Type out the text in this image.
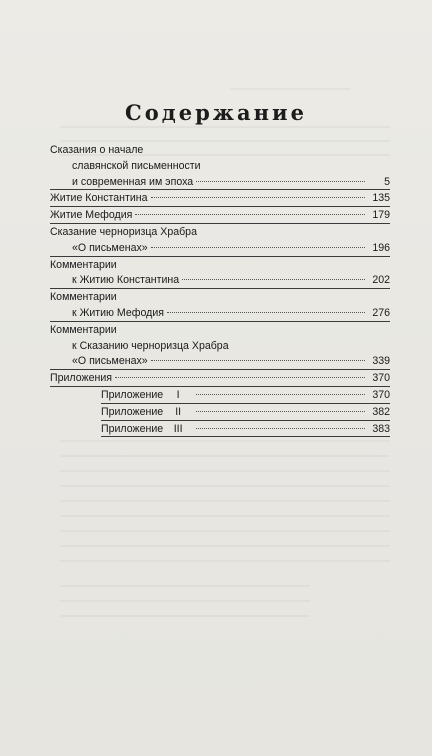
Содержание
Сказания о начале
славянской письменности
и современная им эпоха	5
Житие Константина	135
Житие Мефодия	179
Сказание черноризца Храбра
«О письменах»	196
Комментарии
к Житию Константина	202
Комментарии
к Житию Мефодия	276
Комментарии
к Сказанию черноризца Храбра
«О письменах»	339
Приложения	370
Приложение	I	370
Приложение	II	382
Приложение III	383
